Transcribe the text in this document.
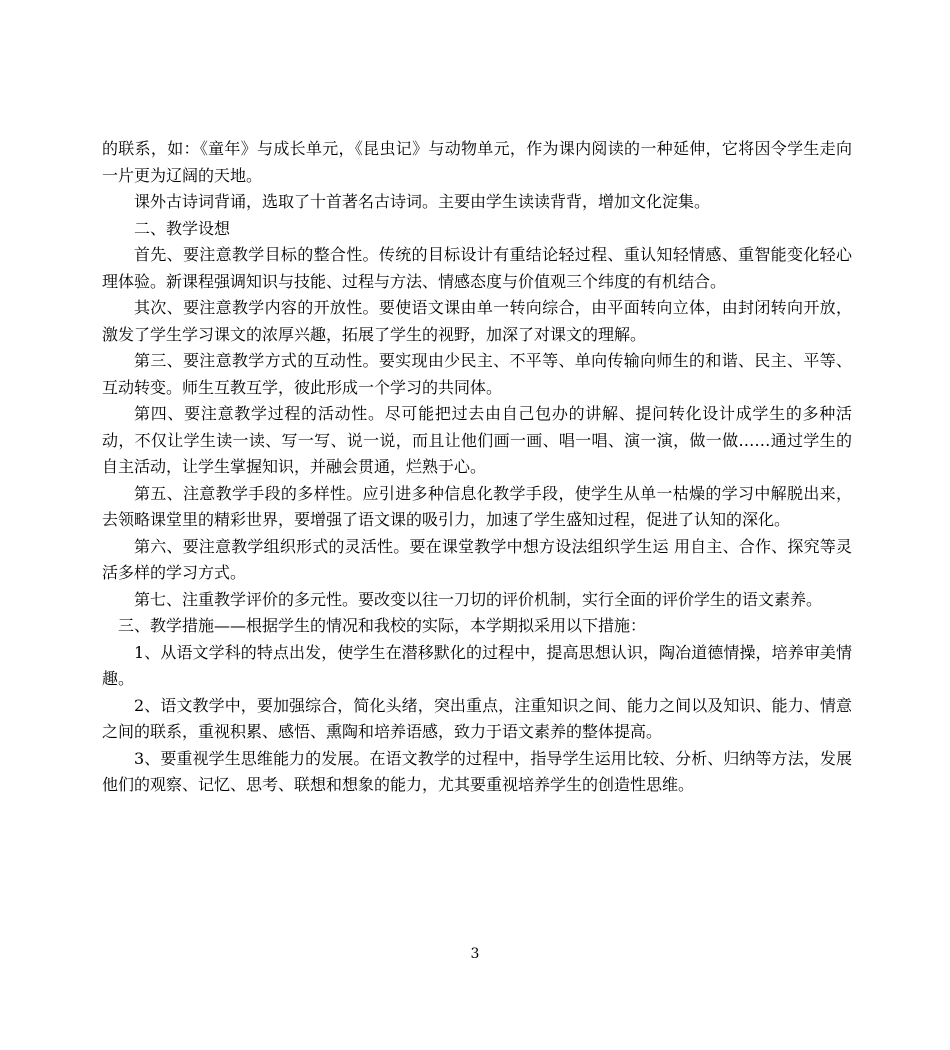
的联系，如：《童年》与成长单元，《昆虫记》与动物单元，作为课内阅读的一种延伸，它将因令学生走向一片更为辽阔的天地。

课外古诗词背诵，选取了十首著名古诗词。主要由学生读读背背，增加文化淀集。

二、教学设想

首先、要注意教学目标的整合性。传统的目标设计有重结论轻过程、重认知轻情感、重智能变化轻心理体验。新课程强调知识与技能、过程与方法、情感态度与价值观三个纬度的有机结合。

其次、要注意教学内容的开放性。要使语文课由单一转向综合，由平面转向立体，由封闭转向开放，激发了学生学习课文的浓厚兴趣，拓展了学生的视野，加深了对课文的理解。

第三、要注意教学方式的互动性。要实现由少民主、不平等、单向传输向师生的和谐、民主、平等、互动转变。师生互教互学，彼此形成一个学习的共同体。

第四、要注意教学过程的活动性。尽可能把过去由自己包办的讲解、提问转化设计成学生的多种活动，不仅让学生读一读、写一写、说一说，而且让他们画一画、唱一唱、演一演，做一做……通过学生的自主活动，让学生掌握知识，并融会贯通，烂熟于心。

第五、注意教学手段的多样性。应引进多种信息化教学手段，使学生从单一枯燥的学习中解脱出来，去领略课堂里的精彩世界，要增强了语文课的吸引力，加速了学生盛知过程，促进了认知的深化。

第六、要注意教学组织形式的灵活性。要在课堂教学中想方设法组织学生运 用自主、合作、探究等灵活多样的学习方式。

第七、注重教学评价的多元性。要改变以往一刀切的评价机制，实行全面的评价学生的语文素养。

三、教学措施——根据学生的情况和我校的实际，本学期拟采用以下措施：

1、从语文学科的特点出发，使学生在潜移默化的过程中，提高思想认识，陶冶道德情操，培养审美情趣。

2、语文教学中，要加强综合，简化头绪，突出重点，注重知识之间、能力之间以及知识、能力、情意之间的联系，重视积累、感悟、熏陶和培养语感，致力于语文素养的整体提高。

3、要重视学生思维能力的发展。在语文教学的过程中，指导学生运用比较、分析、归纳等方法，发展他们的观察、记忆、思考、联想和想象的能力，尤其要重视培养学生的创造性思维。

3
